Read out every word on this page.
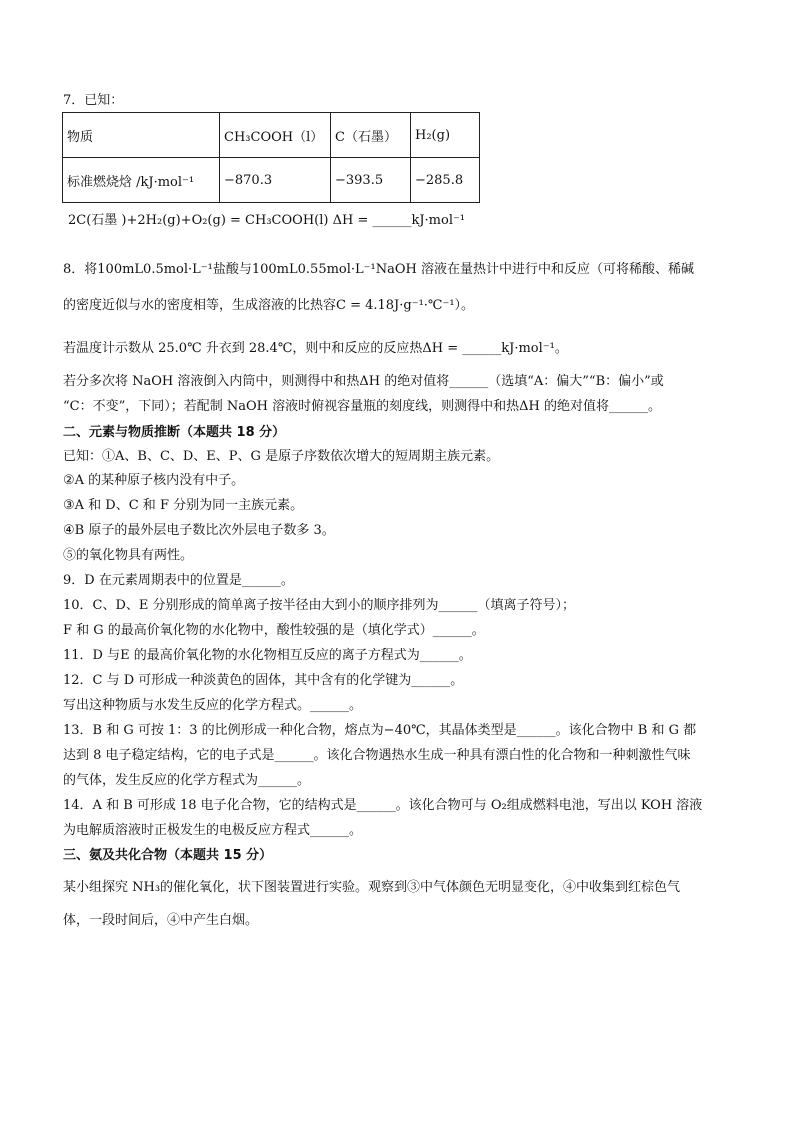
7．已知：
物质	CH₃COOH（l）	C（石墨）	H₂(g)
标准燃烧焓 /kJ·mol⁻¹	−870.3	−393.5	−285.8
2C(石墨 )+2H₂(g)+O₂(g) = CH₃COOH(l) ΔH = ______kJ·mol⁻¹
8．将100mL0.5mol·L⁻¹盐酸与100mL0.55mol·L⁻¹NaOH 溶液在量热计中进行中和反应（可将稀酸、稀碱
的密度近似与水的密度相等，生成溶液的比热容C = 4.18J·g⁻¹·℃⁻¹）。
若温度计示数从 25.0℃ 升衣到 28.4℃，则中和反应的反应热ΔH = ______kJ·mol⁻¹。
若分多次将 NaOH 溶液倒入内筒中，则测得中和热ΔH 的绝对值将______（选填“A：偏大”“B：偏小”或
“C：不变”，下同）；若配制 NaOH 溶液时俯视容量瓶的刻度线，则测得中和热ΔH 的绝对值将______。
二、元素与物质推断（本题共 18 分）
已知：①A、B、C、D、E、P、G 是原子序数依次增大的短周期主族元素。
②A 的某种原子核内没有中子。
③A 和 D、C 和 F 分别为同一主族元素。
④B 原子的最外层电子数比次外层电子数多 3。
⑤的氧化物具有两性。
9．D 在元素周期表中的位置是______。
10．C、D、E 分别形成的简单离子按半径由大到小的顺序排列为______（填离子符号）；
F 和 G 的最高价氧化物的水化物中，酸性较强的是（填化学式）______。
11．D 与E 的最高价氧化物的水化物相互反应的离子方程式为______。
12．C 与 D 可形成一种淡黄色的固体，其中含有的化学键为______。
写出这种物质与水发生反应的化学方程式。______。
13．B 和 G 可按 1：3 的比例形成一种化合物，熔点为−40℃，其晶体类型是______。该化合物中 B 和 G 都
达到 8 电子稳定结构，它的电子式是______。该化合物遇热水生成一种具有漂白性的化合物和一种刺激性气味
的气体，发生反应的化学方程式为______。
14．A 和 B 可形成 18 电子化合物，它的结构式是______。该化合物可与 O₂组成燃料电池，写出以 KOH 溶液
为电解质溶液时正极发生的电极反应方程式______。
三、氨及共化合物（本题共 15 分）
某小组探究 NH₃的催化氧化，状下图装置进行实验。观察到③中气体颜色无明显变化，④中收集到红棕色气
体，一段时间后，④中产生白烟。
